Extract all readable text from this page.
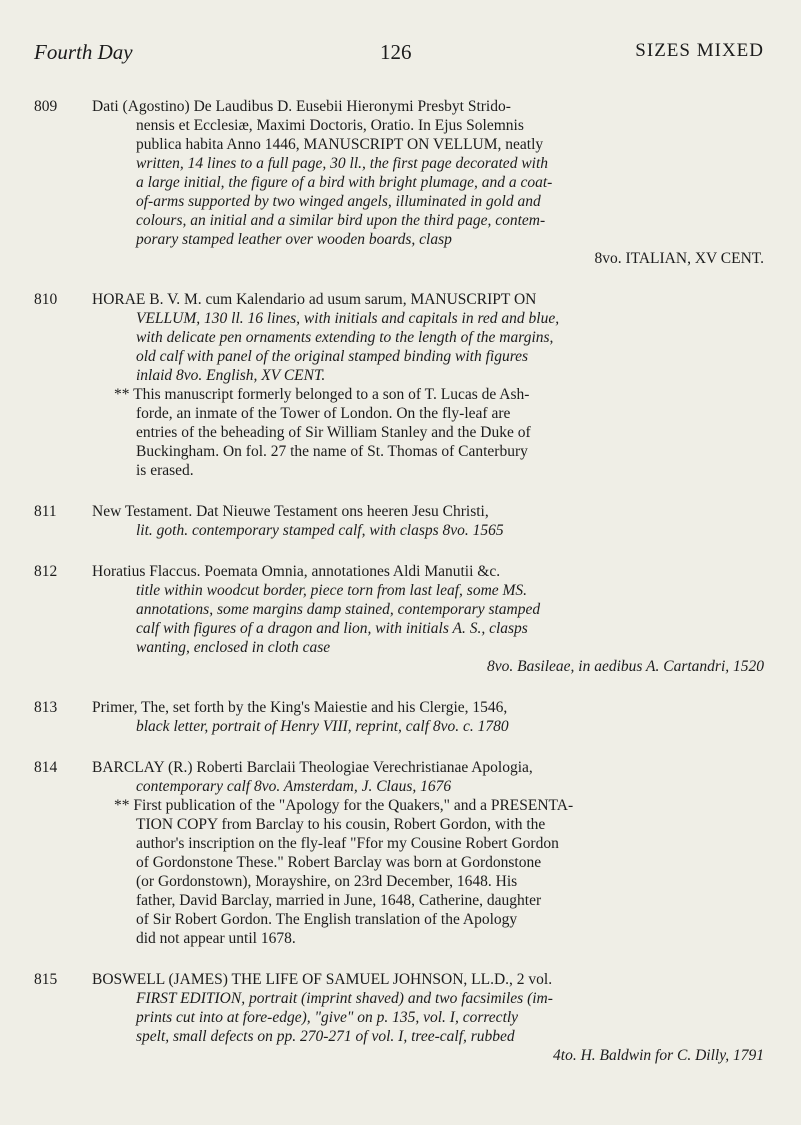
Fourth Day	126	SIZES MIXED
809	Dati (Agostino) De Laudibus D. Eusebii Hieronymi Presbyt Strido-
nensis et Ecclesiæ, Maximi Doctoris, Oratio. In Ejus Solemnis
publica habita Anno 1446, MANUSCRIPT ON VELLUM, neatly
written, 14 lines to a full page, 30 ll., the first page decorated with
a large initial, the figure of a bird with bright plumage, and a coat-
of-arms supported by two winged angels, illuminated in gold and
colours, an initial and a similar bird upon the third page, contem-
porary stamped leather over wooden boards, clasp
8vo. ITALIAN, XV CENT.
810	HORAE B. V. M. cum Kalendario ad usum sarum, MANUSCRIPT ON
VELLUM, 130 ll. 16 lines, with initials and capitals in red and blue,
with delicate pen ornaments extending to the length of the margins,
old calf with panel of the original stamped binding with figures
inlaid 8vo. English, XV CENT.
** This manuscript formerly belonged to a son of T. Lucas de Ash-
forde, an inmate of the Tower of London. On the fly-leaf are
entries of the beheading of Sir William Stanley and the Duke of
Buckingham. On fol. 27 the name of St. Thomas of Canterbury
is erased.
811	New Testament. Dat Nieuwe Testament ons heeren Jesu Christi,
lit. goth. contemporary stamped calf, with clasps 8vo. 1565
812	Horatius Flaccus. Poemata Omnia, annotationes Aldi Manutii &c.
title within woodcut border, piece torn from last leaf, some MS.
annotations, some margins damp stained, contemporary stamped
calf with figures of a dragon and lion, with initials A. S., clasps
wanting, enclosed in cloth case
8vo. Basileae, in aedibus A. Cartandri, 1520
813	Primer, The, set forth by the King's Maiestie and his Clergie, 1546,
black letter, portrait of Henry VIII, reprint, calf 8vo. c. 1780
814	BARCLAY (R.) Roberti Barclaii Theologiae Verechristianae Apologia,
contemporary calf 8vo. Amsterdam, J. Claus, 1676
** First publication of the "Apology for the Quakers," and a PRESENTA-
TION COPY from Barclay to his cousin, Robert Gordon, with the
author's inscription on the fly-leaf "Ffor my Cousine Robert Gordon
of Gordonstone These." Robert Barclay was born at Gordonstone
(or Gordonstown), Morayshire, on 23rd December, 1648. His
father, David Barclay, married in June, 1648, Catherine, daughter
of Sir Robert Gordon. The English translation of the Apology
did not appear until 1678.
815	BOSWELL (JAMES) THE LIFE OF SAMUEL JOHNSON, LL.D., 2 vol.
FIRST EDITION, portrait (imprint shaved) and two facsimiles (im-
prints cut into at fore-edge), "give" on p. 135, vol. I, correctly
spelt, small defects on pp. 270-271 of vol. I, tree-calf, rubbed
4to. H. Baldwin for C. Dilly, 1791
